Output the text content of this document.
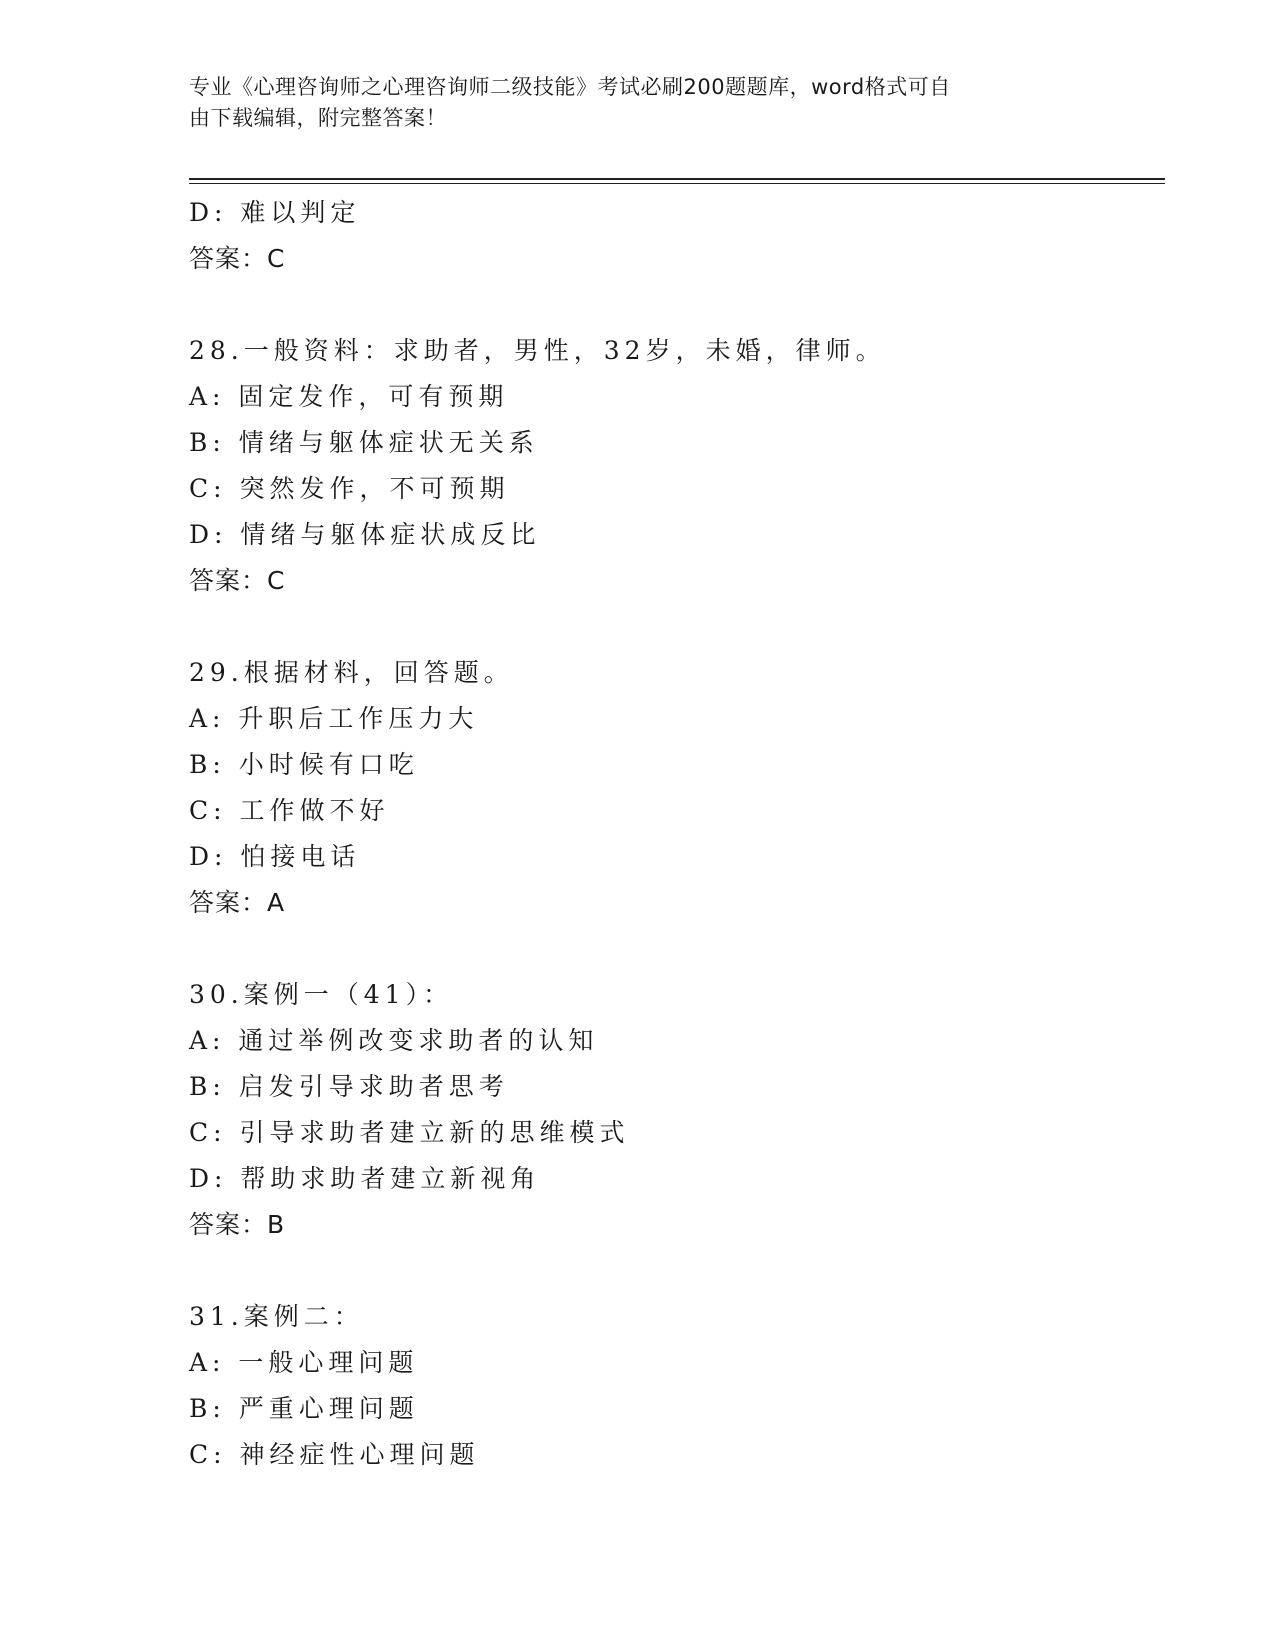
专业《心理咨询师之心理咨询师二级技能》考试必刷200题题库，word格式可自
由下载编辑，附完整答案！
D: 难以判定
答案：C
28.一般资料：求助者，男性，32岁，未婚，律师。
A: 固定发作，可有预期
B: 情绪与躯体症状无关系
C: 突然发作，不可预期
D: 情绪与躯体症状成反比
答案：C
29.根据材料，回答题。
A: 升职后工作压力大
B: 小时候有口吃
C: 工作做不好
D: 怕接电话
答案：A
30.案例一（41）：
A: 通过举例改变求助者的认知
B: 启发引导求助者思考
C: 引导求助者建立新的思维模式
D: 帮助求助者建立新视角
答案：B
31.案例二：
A: 一般心理问题
B: 严重心理问题
C: 神经症性心理问题
